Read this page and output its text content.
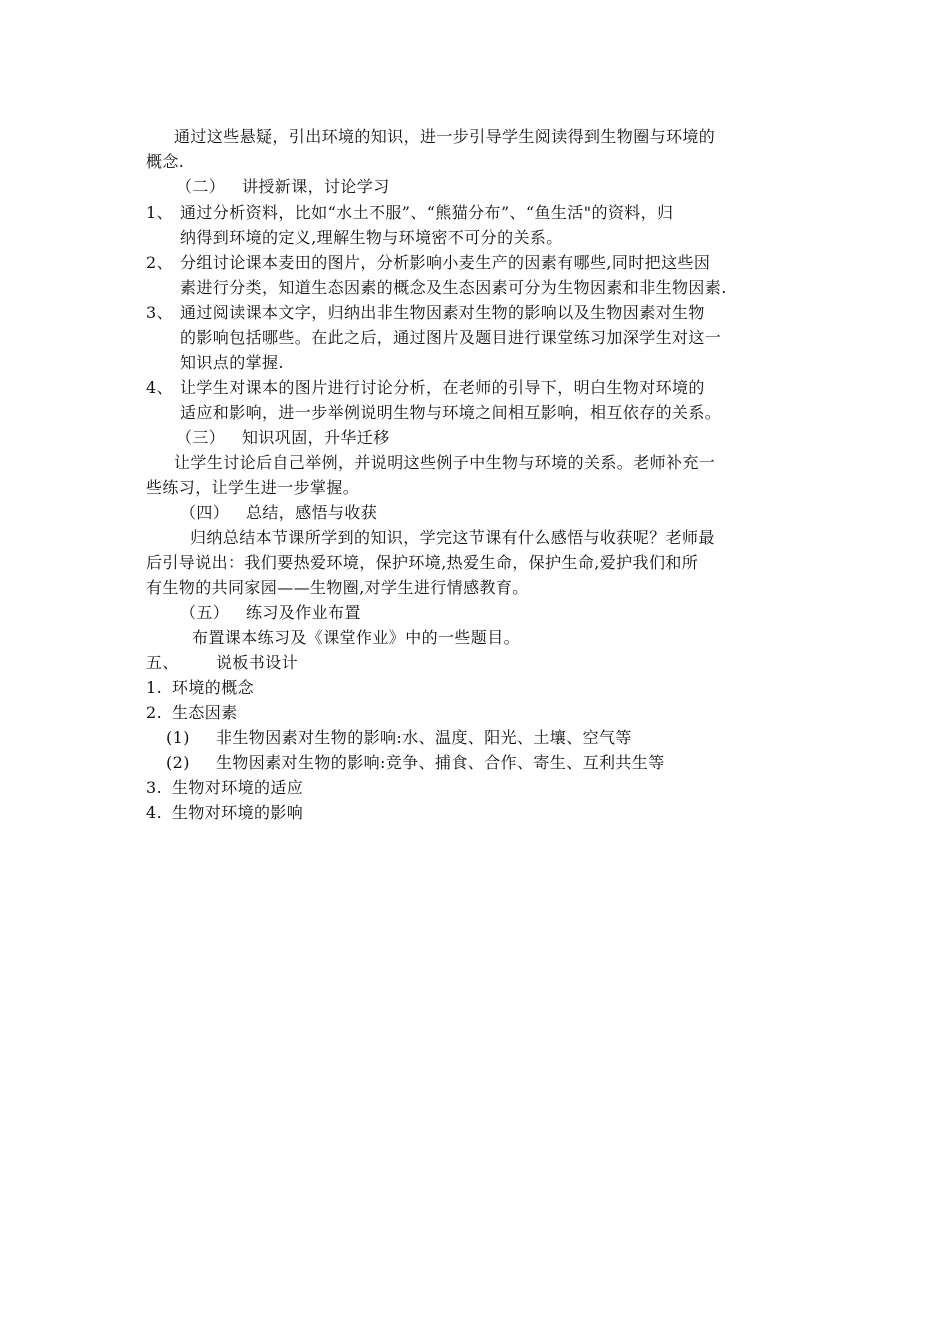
通过这些悬疑，引出环境的知识，进一步引导学生阅读得到生物圈与环境的
概念.
（二） 讲授新课，讨论学习
1、 通过分析资料，比如“水土不服”、“熊猫分布”、“鱼生活"的资料，归
纳得到环境的定义,理解生物与环境密不可分的关系。
2、 分组讨论课本麦田的图片，分析影响小麦生产的因素有哪些,同时把这些因
素进行分类，知道生态因素的概念及生态因素可分为生物因素和非生物因素.
3、 通过阅读课本文字，归纳出非生物因素对生物的影响以及生物因素对生物
的影响包括哪些。在此之后，通过图片及题目进行课堂练习加深学生对这一
知识点的掌握.
4、 让学生对课本的图片进行讨论分析，在老师的引导下，明白生物对环境的
适应和影响，进一步举例说明生物与环境之间相互影响，相互依存的关系。
（三） 知识巩固，升华迁移
让学生讨论后自己举例，并说明这些例子中生物与环境的关系。老师补充一
些练习，让学生进一步掌握。
（四） 总结，感悟与收获
归纳总结本节课所学到的知识，学完这节课有什么感悟与收获呢？老师最
后引导说出：我们要热爱环境，保护环境,热爱生命，保护生命,爱护我们和所
有生物的共同家园——生物圈,对学生进行情感教育。
（五） 练习及作业布置
布置课本练习及《课堂作业》中的一些题目。
五、 说板书设计
1. 环境的概念
2. 生态因素
(1) 非生物因素对生物的影响:水、温度、阳光、土壤、空气等
(2) 生物因素对生物的影响:竞争、捕食、合作、寄生、互利共生等
3. 生物对环境的适应
4. 生物对环境的影响
